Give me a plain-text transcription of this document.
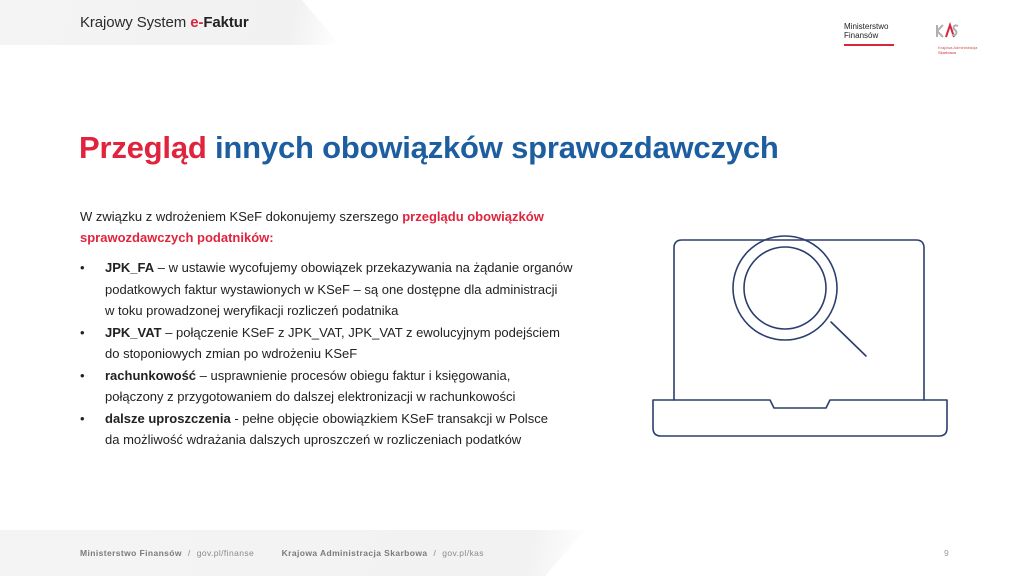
Krajowy System e-Faktur	Ministerstwo
Finansów
Krajowa Administracja
Skarbowa
Przegląd innych obowiązków sprawozdawczych

W związku z wdrożeniem KSeF dokonujemy szerszego przeglądu obowiązków sprawozdawczych podatników:

• JPK_FA – w ustawie wycofujemy obowiązek przekazywania na żądanie organów
podatkowych faktur wystawionych w KSeF – są one dostępne dla administracji
w toku prowadzonej weryfikacji rozliczeń podatnika
• JPK_VAT – połączenie KSeF z JPK_VAT, JPK_VAT z ewolucyjnym podejściem
do stoponiowych zmian po wdrożeniu KSeF
• rachunkowość – usprawnienie procesów obiegu faktur i księgowania,
połączony z przygotowaniem do dalszej elektronizacji w rachunkowości
• dalsze uproszczenia - pełne objęcie obowiązkiem KSeF transakcji w Polsce
da możliwość wdrażania dalszych uproszczeń w rozliczeniach podatków
Ministerstwo Finansów / gov.pl/finanse	Krajowa Administracja Skarbowa / gov.pl/kas	9
